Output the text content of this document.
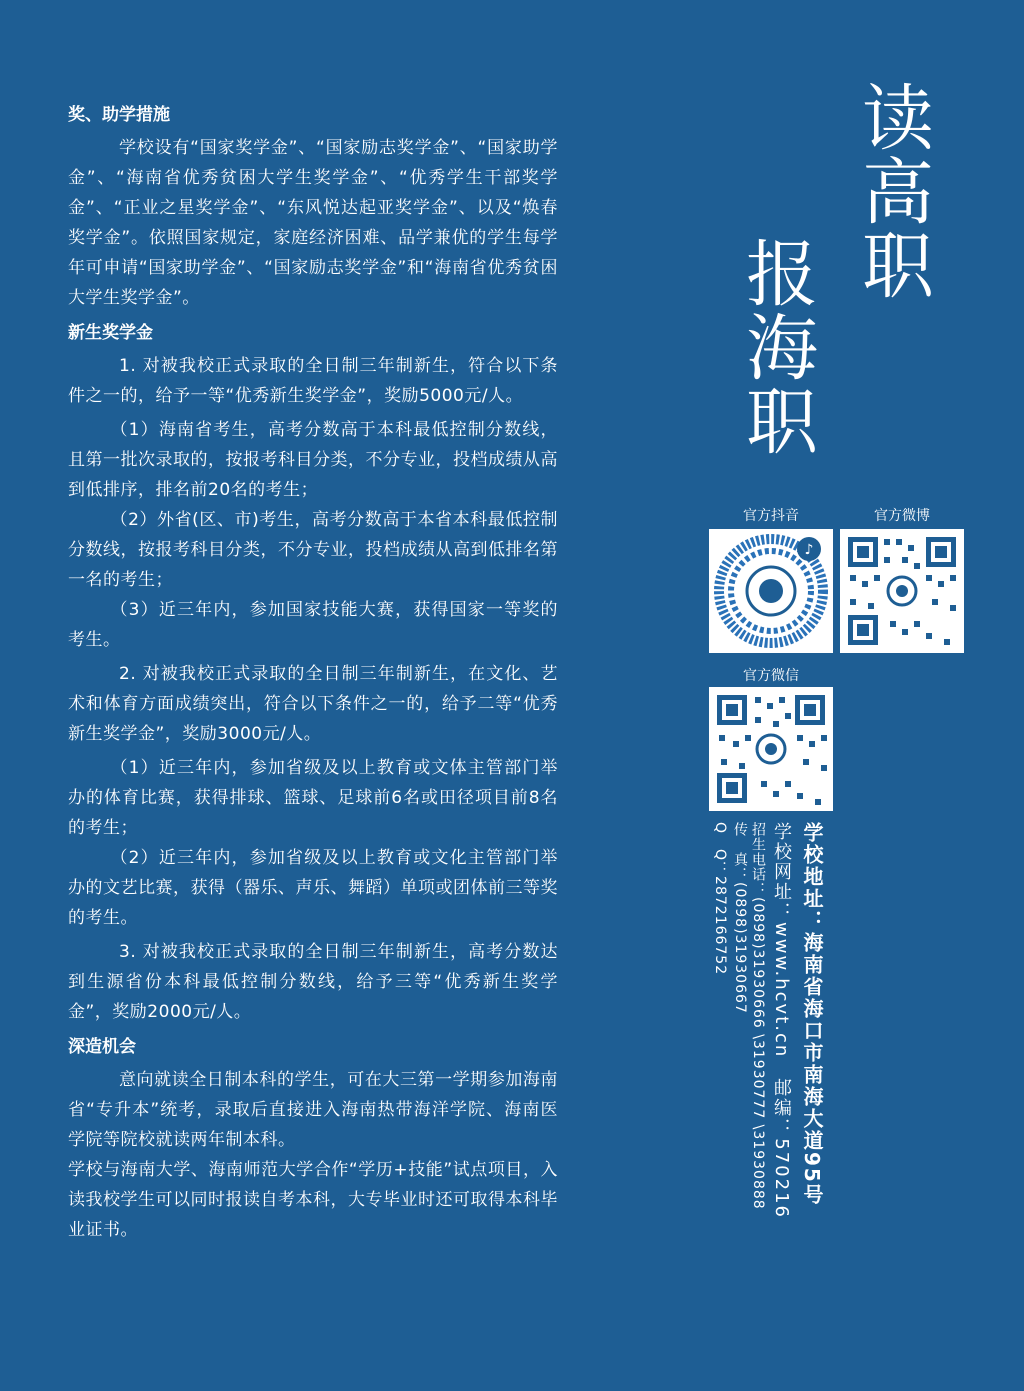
奖、助学措施

学校设有“国家奖学金”、“国家励志奖学金”、“国家助学金”、“海南省优秀贫困大学生奖学金”、“优秀学生干部奖学金”、“正业之星奖学金”、“东风悦达起亚奖学金”、以及“焕春奖学金”。依照国家规定，家庭经济困难、品学兼优的学生每学年可申请“国家助学金”、“国家励志奖学金”和“海南省优秀贫困大学生奖学金”。

新生奖学金

1. 对被我校正式录取的全日制三年制新生，符合以下条件之一的，给予一等“优秀新生奖学金”，奖励5000元/人。

（1）海南省考生，高考分数高于本科最低控制分数线，且第一批次录取的，按报考科目分类，不分专业，投档成绩从高到低排序，排名前20名的考生；

（2）外省(区、市)考生，高考分数高于本省本科最低控制分数线，按报考科目分类，不分专业，投档成绩从高到低排名第一名的考生；

（3）近三年内，参加国家技能大赛，获得国家一等奖的考生。

2. 对被我校正式录取的全日制三年制新生，在文化、艺术和体育方面成绩突出，符合以下条件之一的，给予二等“优秀新生奖学金”，奖励3000元/人。

（1）近三年内，参加省级及以上教育或文体主管部门举办的体育比赛，获得排球、篮球、足球前6名或田径项目前8名的考生；

（2）近三年内，参加省级及以上教育或文化主管部门举办的文艺比赛，获得（器乐、声乐、舞蹈）单项或团体前三等奖的考生。

3. 对被我校正式录取的全日制三年制新生，高考分数达到生源省份本科最低控制分数线，给予三等“优秀新生奖学金”，奖励2000元/人。

深造机会

意向就读全日制本科的学生，可在大三第一学期参加海南省“专升本”统考，录取后直接进入海南热带海洋学院、海南医学院等院校就读两年制本科。

学校与海南大学、海南师范大学合作“学历+技能”试点项目，入读我校学生可以同时报读自考本科，大专毕业时还可取得本科毕业证书。

读高职
报海职
官方抖音	官方微博
官方微信
♪
学校地址：海南省海口市南海大道95号
学校网址：www.hcvt.cn　邮编：570216
招生电话：(0898)31930666 \31930777 \31930888
传　真：(0898)31930667
Q　Q：2872166752
